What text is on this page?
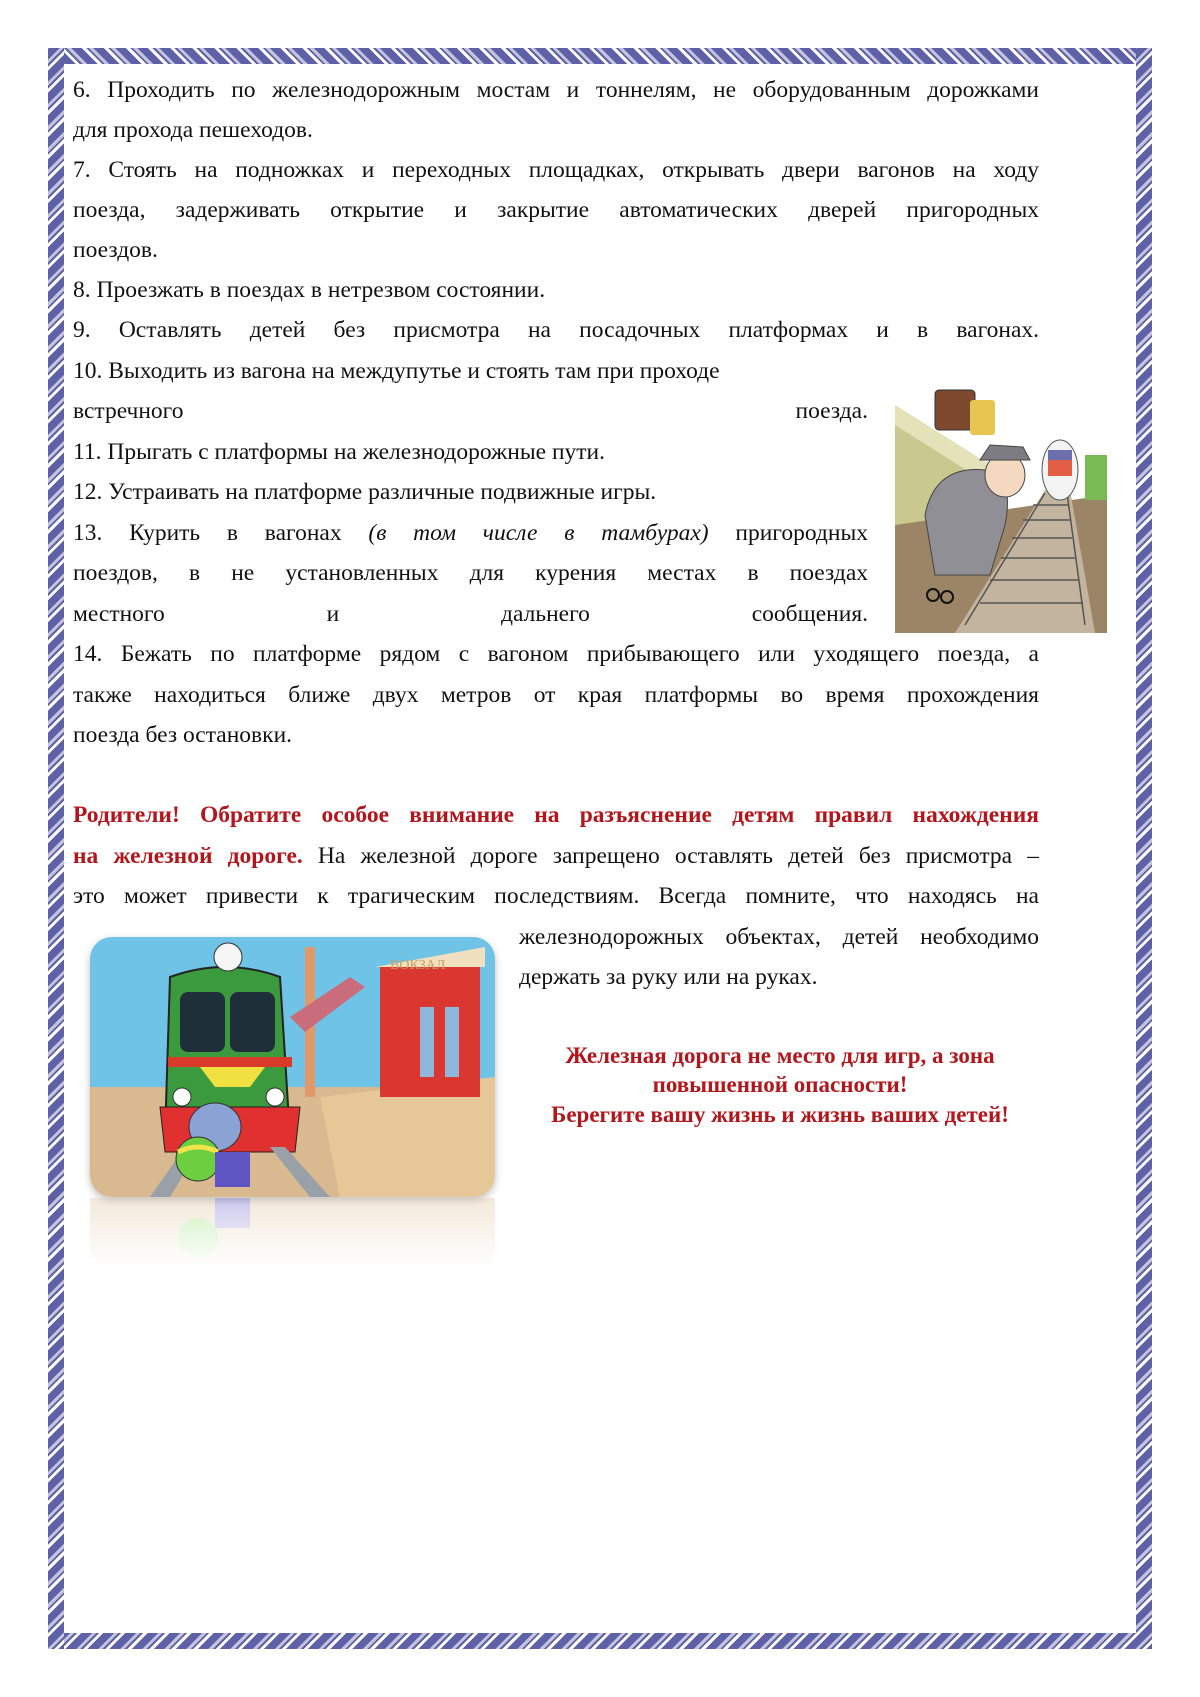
6. Проходить по железнодорожным мостам и тоннелям, не оборудованным дорожками
для прохода пешеходов.
7. Стоять на подножках и переходных площадках, открывать двери вагонов на ходу
поезда, задерживать открытие и закрытие автоматических дверей пригородных
поездов.
8. Проезжать в поездах в нетрезвом состоянии.
9. Оставлять детей без присмотра на посадочных платформах и в вагонах.
10. Выходить из вагона на междупутье и стоять там при проходе
встречного поезда.
11. Прыгать с платформы на железнодорожные пути.
12. Устраивать на платформе различные подвижные игры.
13. Курить в вагонах (в том числе в тамбурах) пригородных
поездов, в не установленных для курения местах в поездах
местного и дальнего сообщения.
14. Бежать по платформе рядом с вагоном прибывающего или уходящего поезда, а
также находиться ближе двух метров от края платформы во время прохождения
поезда без остановки.
Родители! Обратите особое внимание на разъяснение детям правил нахождения
на железной дороге. На железной дороге запрещено оставлять детей без присмотра –
это может привести к трагическим последствиям. Всегда помните, что находясь на
железнодорожных объектах, детей необходимо
держать за руку или на руках.
ВОКЗАЛ
Железная дорога не место для игр, а зона
повышенной опасности!
Берегите вашу жизнь и жизнь ваших детей!
